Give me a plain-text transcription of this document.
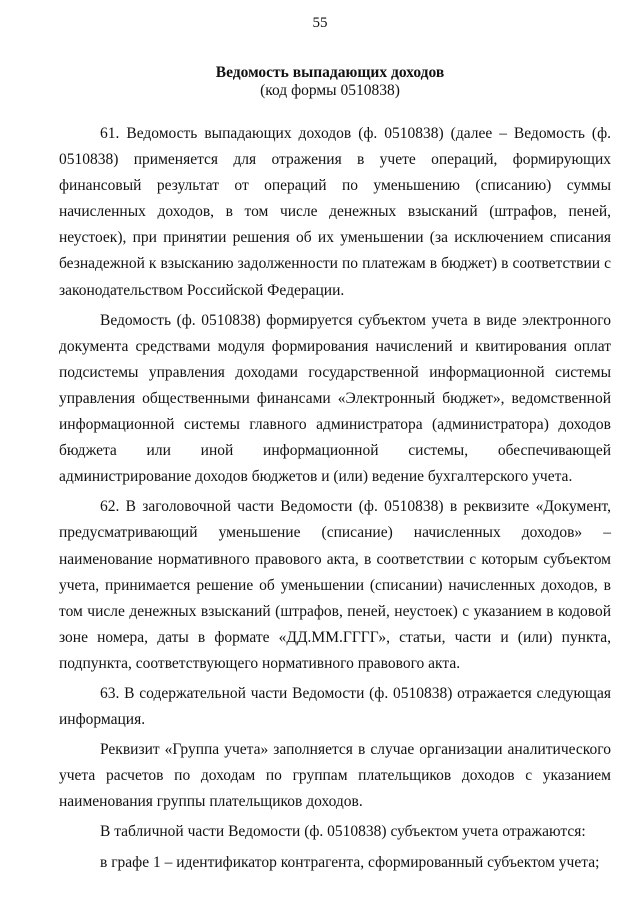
55
Ведомость выпадающих доходов
(код формы 0510838)

61. Ведомость выпадающих доходов (ф. 0510838) (далее – Ведомость (ф. 0510838) применяется для отражения в учете операций, формирующих финансовый результат от операций по уменьшению (списанию) суммы начисленных доходов, в том числе денежных взысканий (штрафов, пеней, неустоек), при принятии решения об их уменьшении (за исключением списания безнадежной к взысканию задолженности по платежам в бюджет) в соответствии с законодательством Российской Федерации.

Ведомость (ф. 0510838) формируется субъектом учета в виде электронного документа средствами модуля формирования начислений и квитирования оплат подсистемы управления доходами государственной информационной системы управления общественными финансами «Электронный бюджет», ведомственной информационной системы главного администратора (администратора) доходов бюджета или иной информационной системы, обеспечивающей администрирование доходов бюджетов и (или) ведение бухгалтерского учета.

62. В заголовочной части Ведомости (ф. 0510838) в реквизите «Документ, предусматривающий уменьшение (списание) начисленных доходов» – наименование нормативного правового акта, в соответствии с которым субъектом учета, принимается решение об уменьшении (списании) начисленных доходов, в том числе денежных взысканий (штрафов, пеней, неустоек) с указанием в кодовой зоне номера, даты в формате «ДД.ММ.ГГГГ», статьи, части и (или) пункта, подпункта, соответствующего нормативного правового акта.

63. В содержательной части Ведомости (ф. 0510838) отражается следующая информация.

Реквизит «Группа учета» заполняется в случае организации аналитического учета расчетов по доходам по группам плательщиков доходов с указанием наименования группы плательщиков доходов.

В табличной части Ведомости (ф. 0510838) субъектом учета отражаются:

в графе 1 – идентификатор контрагента, сформированный субъектом учета;
